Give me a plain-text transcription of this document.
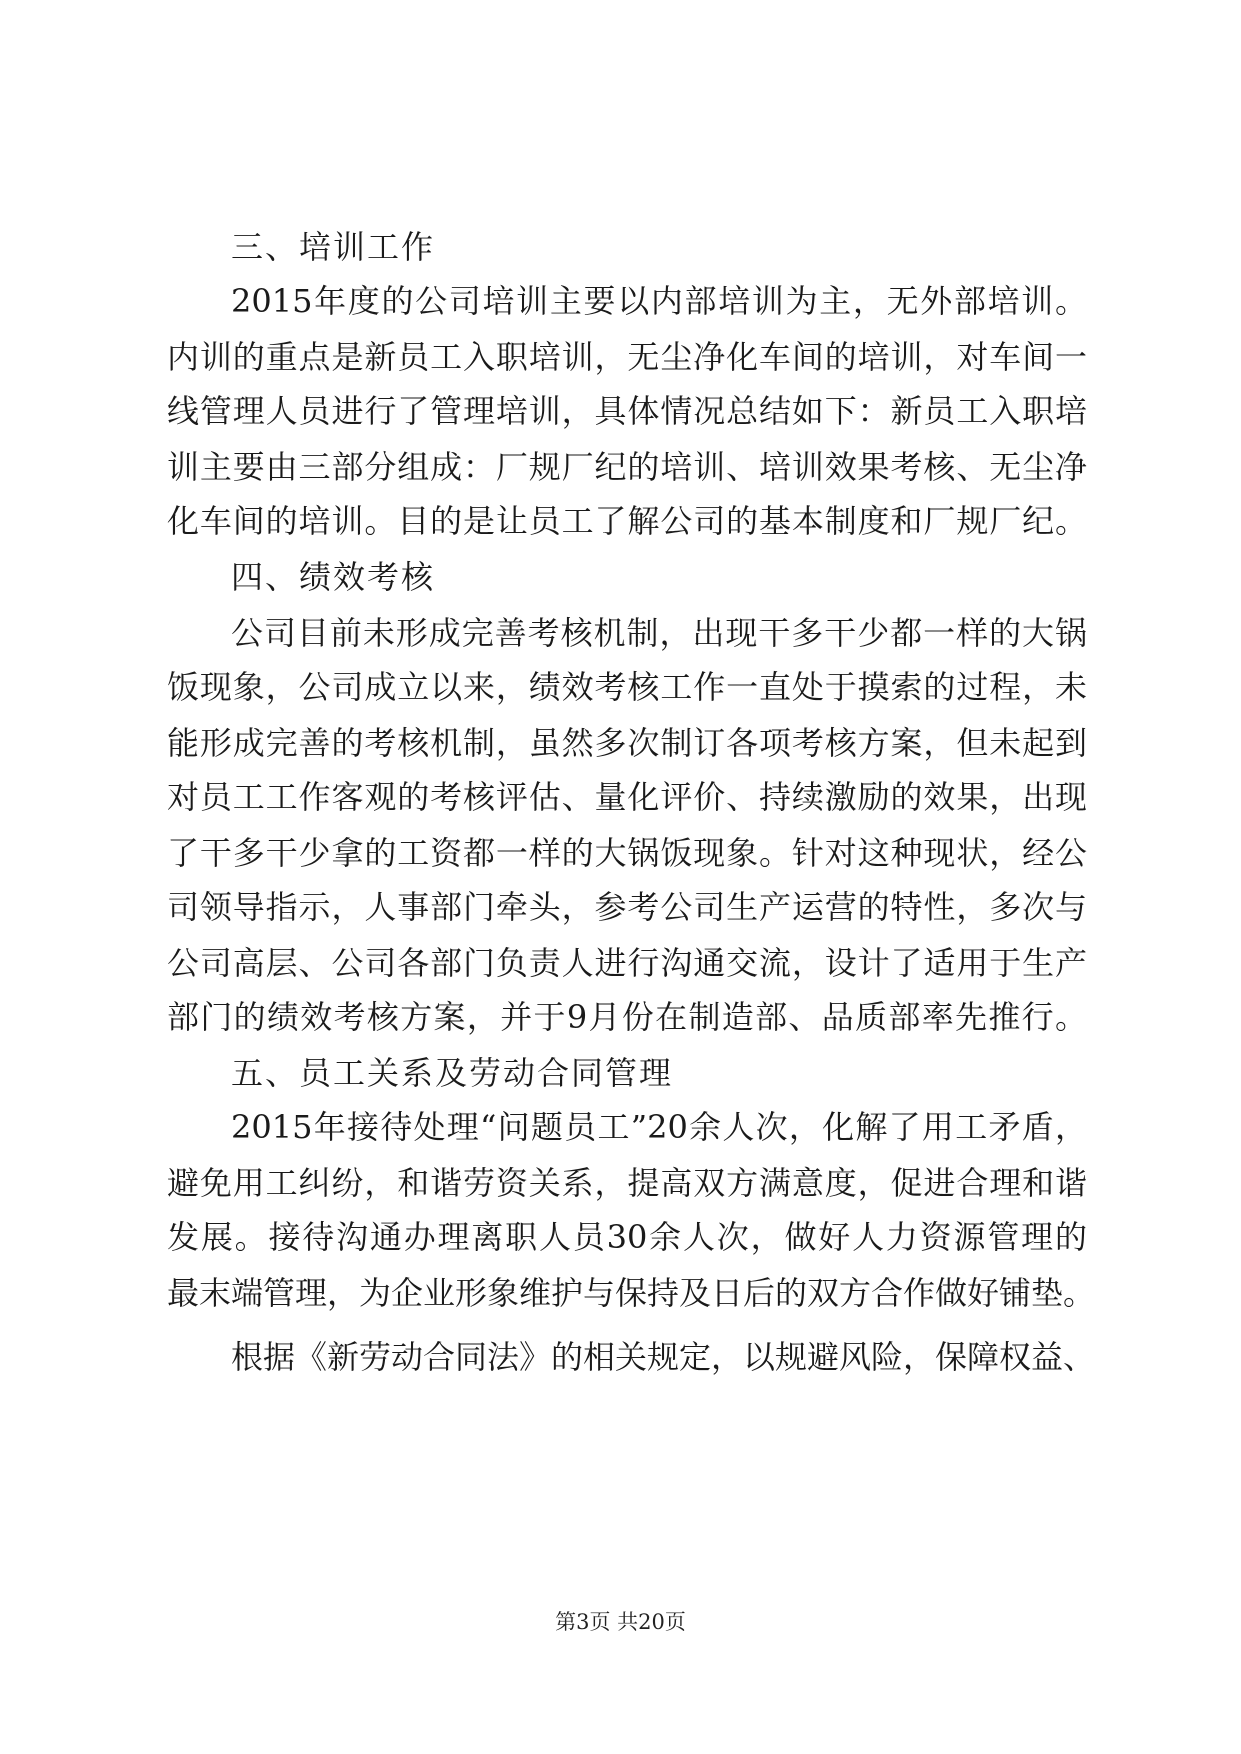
三、培训工作
2015年度的公司培训主要以内部培训为主，无外部培训。
内训的重点是新员工入职培训，无尘净化车间的培训，对车间一
线管理人员进行了管理培训，具体情况总结如下：新员工入职培
训主要由三部分组成：厂规厂纪的培训、培训效果考核、无尘净
化车间的培训。目的是让员工了解公司的基本制度和厂规厂纪。
四、绩效考核
公司目前未形成完善考核机制，出现干多干少都一样的大锅
饭现象，公司成立以来，绩效考核工作一直处于摸索的过程，未
能形成完善的考核机制，虽然多次制订各项考核方案，但未起到
对员工工作客观的考核评估、量化评价、持续激励的效果，出现
了干多干少拿的工资都一样的大锅饭现象。针对这种现状，经公
司领导指示，人事部门牵头，参考公司生产运营的特性，多次与
公司高层、公司各部门负责人进行沟通交流，设计了适用于生产
部门的绩效考核方案，并于9月份在制造部、品质部率先推行。
五、员工关系及劳动合同管理
2015年接待处理“问题员工”20余人次，化解了用工矛盾，
避免用工纠纷，和谐劳资关系，提高双方满意度，促进合理和谐
发展。接待沟通办理离职人员30余人次，做好人力资源管理的
最末端管理，为企业形象维护与保持及日后的双方合作做好铺垫。
根据《新劳动合同法》的相关规定，以规避风险，保障权益、
第3页 共20页
